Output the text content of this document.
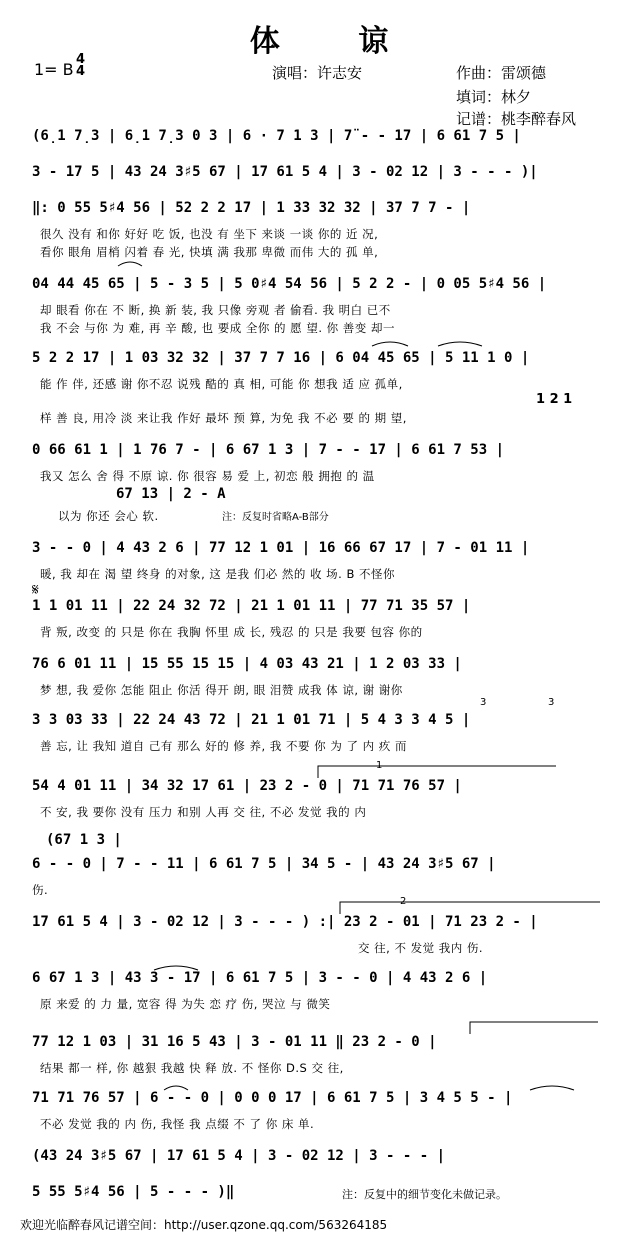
体 谅
1= B
4
4	演唱：许志安	作曲：雷颂德
填词：林夕
记谱：桃李醉春风
(6̣1 7̣3 | 6̣1 7̣3 0 3 | 6 · 7 1 3 | 7̈ - - 17 | 6 61 7 5 |
3 - 17 5 | 43 24 3♯5 67 | 17 61 5 4 | 3 - 02 12 | 3 - - - )|
‖: 0 55 5♯4 56 | 52 2 2 17 | 1 33 32 32 | 37 7 7 - |
很久 没有 和你 好好 吃 饭, 也没 有 坐下 来谈 一谈 你的 近 况,
看你 眼角 眉梢 闪着 春 光, 快填 满 我那 卑微 而伟 大的 孤 单,
04 44 45 65 | 5 - 3 5 | 5 0♯4 54 56 | 5 2 2 - | 0 05 5♯4 56 |
却 眼看 你在 不 断, 换 新 装, 我 只像 旁观 者 偷看. 我 明白 已不
我 不会 与你 为 难, 再 辛 酸, 也 要成 全你 的 愿 望. 你 善变 却一
5 2 2 17 | 1 03 32 32 | 37 7 7 16 | 6 04 45 65 | 5 11 1 0 |
能 作 伴, 还感 谢 你不忍 说残 酷的 真 相, 可能 你 想我 适 应 孤单,
1 2 1
样 善 良, 用冷 淡 来让我 作好 最坏 预 算, 为免 我 不必 要 的 期 望,
0 66 61 1 | 1 76 7 - | 6 67 1 3 | 7 - - 17 | 6 61 7 53 |
我又 怎么 舍 得 不原 谅. 你 很容 易 爱 上, 初恋 般 拥抱 的 温
67 13 | 2 - A
以为 你还 会心 软.	注：反复时省略A-B部分
3 - - 0 | 4 43 2 6 | 77 12 1 01 | 16 66 67 17 | 7 - 01 11 |
暖, 我 却在 渴 望 终身 的对象, 这 是我 们必 然的 收 场. B 不怪你
𝄋
1 1 01 11 | 22 24 32 72 | 21 1 01 11 | 77 71 35 57 |
背 叛, 改变 的 只是 你在 我胸 怀里 成 长, 残忍 的 只是 我要 包容 你的
76 6 01 11 | 15 55 15 15 | 4 03 43 21 | 1 2 03 33 |
梦 想, 我 爱你 怎能 阻止 你活 得开 朗, 眼 泪赞 成我 体 谅, 谢 谢你
3 3 03 33 | 22 24 43 72 | 21 1 01 71 | 5 4 3 3 4 5 |
善 忘, 让 我知 道自 己有 那么 好的 修 养, 我 不要 你 为 了 内 疚 而
3	3
1
54 4 01 11 | 34 32 17 61 | 23 2 - 0 | 71 71 76 57 |
不 安, 我 要你 没有 压力 和别 人再 交 往, 不必 发觉 我的 内
(67 1 3 |
6 - - 0 | 7 - - 11 | 6 61 7 5 | 34 5 - | 43 24 3♯5 67 |
伤.
2
17 61 5 4 | 3 - 02 12 | 3 - - - ) :| 23 2 - 01 | 71 23 2 - |
交 往, 不 发觉 我内 伤.
6 67 1 3 | 43 3 - 17 | 6 61 7 5 | 3 - - 0 | 4 43 2 6 |
原 来爱 的 力 量, 宽容 得 为失 恋 疗 伤, 哭泣 与 微笑
77 12 1 03 | 31 16 5 43 | 3 - 01 11 ‖ 23 2 - 0 |
结果 都一 样, 你 越狠 我越 快 释 放. 不 怪你 D.S 交 往,
71 71 76 57 | 6 - - 0 | 0 0 0 17 | 6 61 7 5 | 3 4 5 5 - |
不必 发觉 我的 内 伤, 我怪 我 点缀 不 了 你 床 单.
(43 24 3♯5 67 | 17 61 5 4 | 3 - 02 12 | 3 - - - |
5 55 5♯4 56 | 5 - - - )‖	注：反复中的细节变化未做记录。
欢迎光临醉春风记谱空间：http://user.qzone.qq.com/563264185
